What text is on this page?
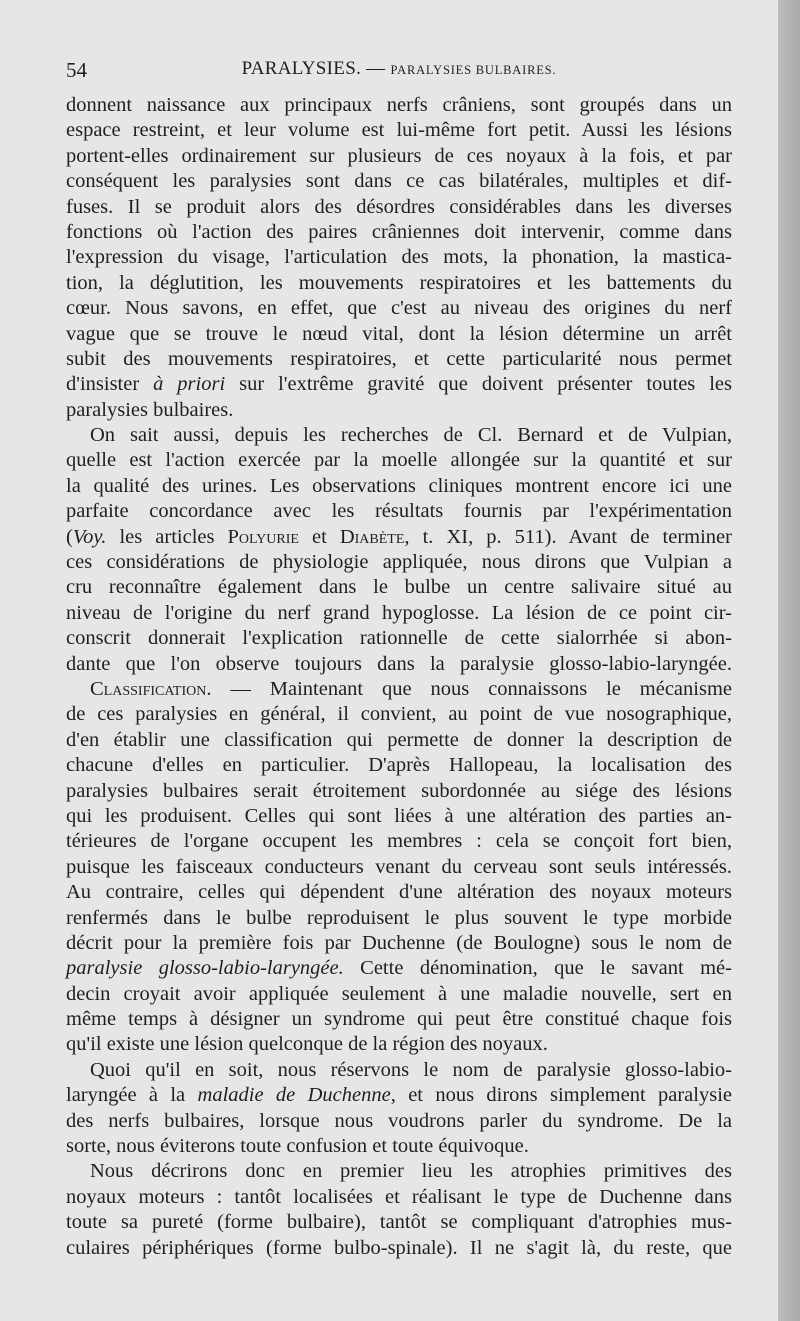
54	PARALYSIES. — PARALYSIES BULBAIRES.
donnent naissance aux principaux nerfs crâniens, sont groupés dans un
espace restreint, et leur volume est lui-même fort petit. Aussi les lésions
portent-elles ordinairement sur plusieurs de ces noyaux à la fois, et par
conséquent les paralysies sont dans ce cas bilatérales, multiples et dif-
fuses. Il se produit alors des désordres considérables dans les diverses
fonctions où l'action des paires crâniennes doit intervenir, comme dans
l'expression du visage, l'articulation des mots, la phonation, la mastica-
tion, la déglutition, les mouvements respiratoires et les battements du
cœur. Nous savons, en effet, que c'est au niveau des origines du nerf
vague que se trouve le nœud vital, dont la lésion détermine un arrêt
subit des mouvements respiratoires, et cette particularité nous permet
d'insister à priori sur l'extrême gravité que doivent présenter toutes les
paralysies bulbaires.
On sait aussi, depuis les recherches de Cl. Bernard et de Vulpian,
quelle est l'action exercée par la moelle allongée sur la quantité et sur
la qualité des urines. Les observations cliniques montrent encore ici une
parfaite concordance avec les résultats fournis par l'expérimentation
(Voy. les articles Polyurie et Diabète, t. XI, p. 511). Avant de terminer
ces considérations de physiologie appliquée, nous dirons que Vulpian a
cru reconnaître également dans le bulbe un centre salivaire situé au
niveau de l'origine du nerf grand hypoglosse. La lésion de ce point cir-
conscrit donnerait l'explication rationnelle de cette sialorrhée si abon-
dante que l'on observe toujours dans la paralysie glosso-labio-laryngée.
Classification. — Maintenant que nous connaissons le mécanisme
de ces paralysies en général, il convient, au point de vue nosographique,
d'en établir une classification qui permette de donner la description de
chacune d'elles en particulier. D'après Hallopeau, la localisation des
paralysies bulbaires serait étroitement subordonnée au siége des lésions
qui les produisent. Celles qui sont liées à une altération des parties an-
térieures de l'organe occupent les membres : cela se conçoit fort bien,
puisque les faisceaux conducteurs venant du cerveau sont seuls intéressés.
Au contraire, celles qui dépendent d'une altération des noyaux moteurs
renfermés dans le bulbe reproduisent le plus souvent le type morbide
décrit pour la première fois par Duchenne (de Boulogne) sous le nom de
paralysie glosso-labio-laryngée. Cette dénomination, que le savant mé-
decin croyait avoir appliquée seulement à une maladie nouvelle, sert en
même temps à désigner un syndrome qui peut être constitué chaque fois
qu'il existe une lésion quelconque de la région des noyaux.
Quoi qu'il en soit, nous réservons le nom de paralysie glosso-labio-
laryngée à la maladie de Duchenne, et nous dirons simplement paralysie
des nerfs bulbaires, lorsque nous voudrons parler du syndrome. De la
sorte, nous éviterons toute confusion et toute équivoque.
Nous décrirons donc en premier lieu les atrophies primitives des
noyaux moteurs : tantôt localisées et réalisant le type de Duchenne dans
toute sa pureté (forme bulbaire), tantôt se compliquant d'atrophies mus-
culaires périphériques (forme bulbo-spinale). Il ne s'agit là, du reste, que
